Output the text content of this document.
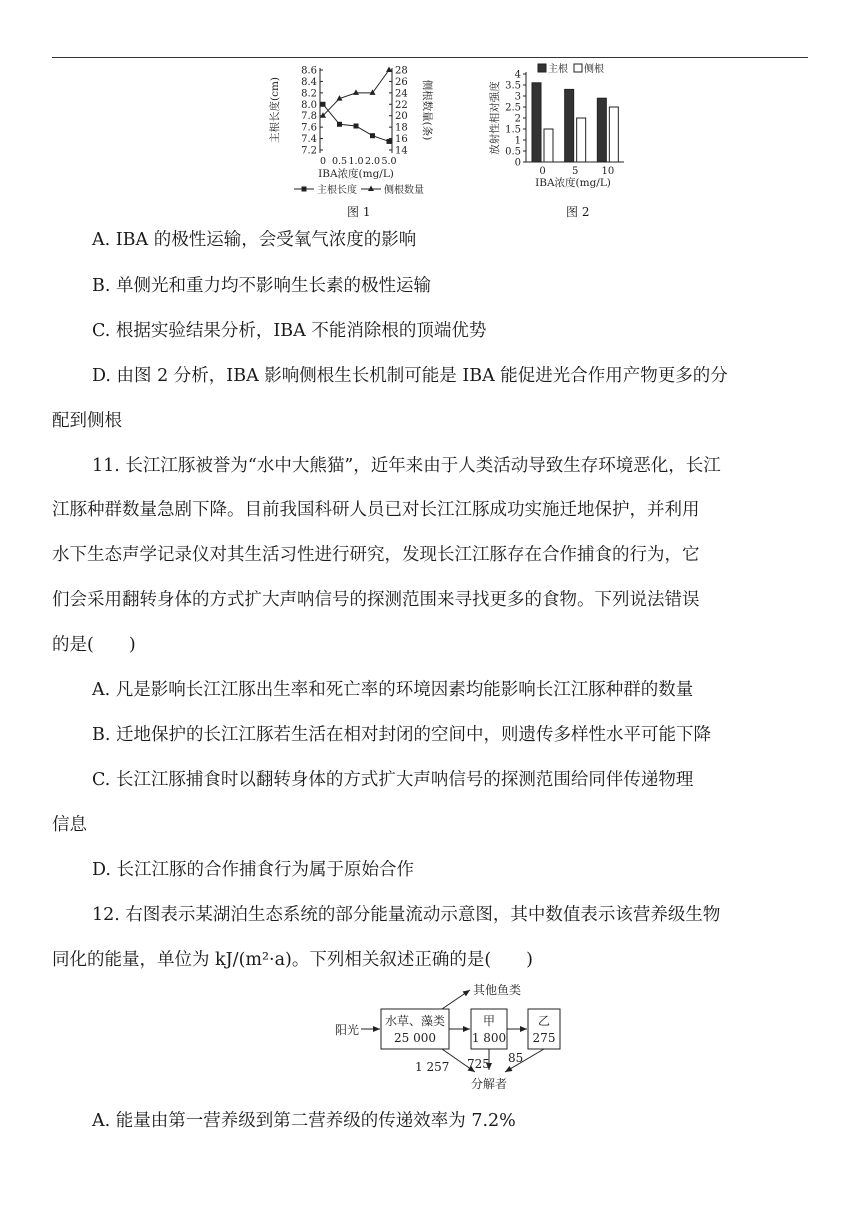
8.6
8.4
8.2
8.0
7.8
7.6
7.4
7.2
28
26
24
22
20
18
16
14
0 0.5 1.0 2.0 5.0
主根长度(cm)	侧根数量(条)
IBA浓度(mg/L)
主根长度	侧根数量
图 1
4
3.5
3
2.5
2
1.5
1
0.5
0
0	5 10
放射性相对强度
IBA浓度(mg/L)
主根 侧根
图 2
A. IBA 的极性运输，会受氧气浓度的影响
B. 单侧光和重力均不影响生长素的极性运输
C. 根据实验结果分析，IBA 不能消除根的顶端优势
D. 由图 2 分析，IBA 影响侧根生长机制可能是 IBA 能促进光合作用产物更多的分
配到侧根
11. 长江江豚被誉为“水中大熊猫”，近年来由于人类活动导致生存环境恶化，长江
江豚种群数量急剧下降。目前我国科研人员已对长江江豚成功实施迁地保护，并利用
水下生态声学记录仪对其生活习性进行研究，发现长江江豚存在合作捕食的行为，它
们会采用翻转身体的方式扩大声呐信号的探测范围来寻找更多的食物。下列说法错误
的是(　　)
A. 凡是影响长江江豚出生率和死亡率的环境因素均能影响长江江豚种群的数量
B. 迁地保护的长江江豚若生活在相对封闭的空间中，则遗传多样性水平可能下降
C. 长江江豚捕食时以翻转身体的方式扩大声呐信号的探测范围给同伴传递物理
信息
D. 长江江豚的合作捕食行为属于原始合作
12. 右图表示某湖泊生态系统的部分能量流动示意图，其中数值表示该营养级生物
同化的能量，单位为 kJ/(m²·a)。下列相关叙述正确的是(　　)
阳光
水草、藻类
25 000
甲
1 800
乙
275
其他鱼类
分解者
1 257 725 85
A. 能量由第一营养级到第二营养级的传递效率为 7.2%
